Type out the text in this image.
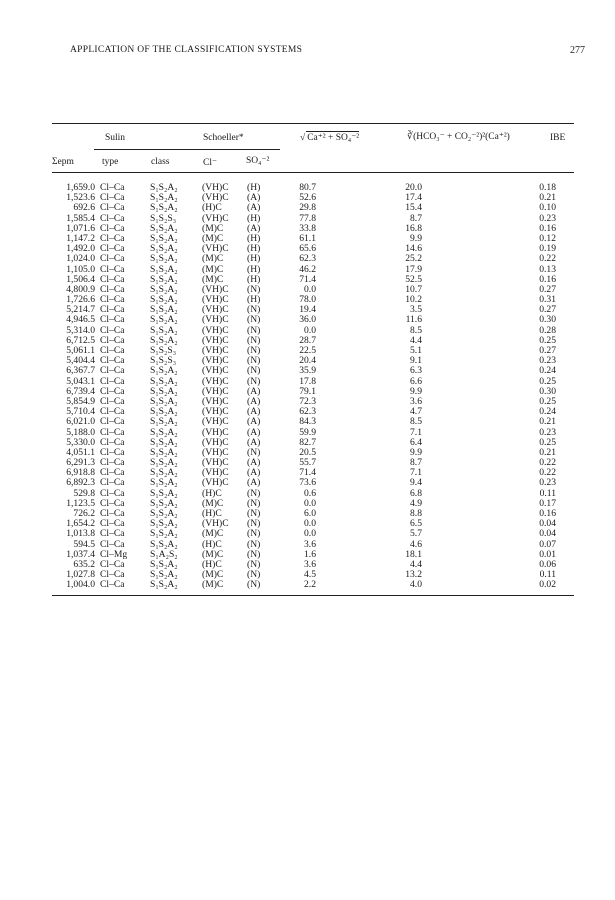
APPLICATION OF THE CLASSIFICATION SYSTEMS	277
Sulin	Schoeller*	√ Ca⁺² + SO₄⁻²	∛(HCO₃⁻ + CO₂⁻²)²(Ca⁺²)	IBE
Σepm	type	class	Cl⁻	SO₄⁻²
1,659.0 Cl–Ca	S₁S₂A₂	(VH)C (H)	80.7	20.0	0.18
1,523.6 Cl–Ca	S₁S₂A₂	(VH)C (A)	52.6	17.4	0.21
692.6 Cl–Ca	S₁S₂A₂	(H)C	(A)	29.8	15.4	0.10
1,585.4 Cl–Ca	S₁S₂S₃	(VH)C (H)	77.8	8.7	0.23
1,071.6 Cl–Ca	S₁S₂A₂	(M)C (A)	33.8	16.8	0.16
1,147.2 Cl–Ca	S₁S₂A₂	(M)C (H)	61.1	9.9	0.12
1,492.0 Cl–Ca	S₁S₂A₂	(VH)C (H)	65.6	14.6	0.19
1,024.0 Cl–Ca	S₁S₂A₂	(M)C (H)	62.3	25.2	0.22
1,105.0 Cl–Ca	S₁S₂A₂	(M)C (H)	46.2	17.9	0.13
1,506.4 Cl–Ca	S₁S₂A₂	(M)C (H)	71.4	52.5	0.16
4,800.9 Cl–Ca	S₁S₂A₂	(VH)C (N)	0.0	10.7	0.27
1,726.6 Cl–Ca	S₁S₂A₂	(VH)C (H)	78.0	10.2	0.31
5,214.7 Cl–Ca	S₁S₂A₂	(VH)C (N)	19.4	3.5	0.27
4,946.5 Cl–Ca	S₁S₂A₂	(VH)C (N)	36.0	11.6	0.30
5,314.0 Cl–Ca	S₁S₂A₂	(VH)C (N)	0.0	8.5	0.28
6,712.5 Cl–Ca	S₁S₂A₂	(VH)C (N)	28.7	4.4	0.25
5,061.1 Cl–Ca	S₁S₂S₃	(VH)C (N)	22.5	5.1	0.27
5,404.4 Cl–Ca	S₁S₂S₃	(VH)C (N)	20.4	9.1	0.23
6,367.7 Cl–Ca	S₁S₂A₂	(VH)C (N)	35.9	6.3	0.24
5,043.1 Cl–Ca	S₁S₂A₂	(VH)C (N)	17.8	6.6	0.25
6,739.4 Cl–Ca	S₁S₂A₂	(VH)C (A)	79.1	9.9	0.30
5,854.9 Cl–Ca	S₁S₂A₂	(VH)C (A)	72.3	3.6	0.25
5,710.4 Cl–Ca	S₁S₂A₂	(VH)C (A)	62.3	4.7	0.24
6,021.0 Cl–Ca	S₁S₂A₂	(VH)C (A)	84.3	8.5	0.21
5,188.0 Cl–Ca	S₁S₂A₂	(VH)C (A)	59.9	7.1	0.23
5,330.0 Cl–Ca	S₁S₂A₂	(VH)C (A)	82.7	6.4	0.25
4,051.1 Cl–Ca	S₁S₂A₂	(VH)C (N)	20.5	9.9	0.21
6,291.3 Cl–Ca	S₁S₂A₂	(VH)C (A)	55.7	8.7	0.22
6,918.8 Cl–Ca	S₁S₂A₂	(VH)C (A)	71.4	7.1	0.22
6,892.3 Cl–Ca	S₁S₂A₂	(VH)C (A)	73.6	9.4	0.23
529.8 Cl–Ca	S₁S₂A₂	(H)C	(N)	0.6	6.8	0.11
1,123.5 Cl–Ca	S₁S₂A₂	(M)C (N)	0.0	4.9	0.17
726.2 Cl–Ca	S₁S₂A₂	(H)C	(N)	6.0	8.8	0.16
1,654.2 Cl–Ca	S₁S₂A₂	(VH)C (N)	0.0	6.5	0.04
1,013.8 Cl–Ca	S₁S₂A₂	(M)C (N)	0.0	5.7	0.04
594.5 Cl–Ca	S₁S₂A₂	(H)C	(N)	3.6	4.6	0.07
1,037.4 Cl–Mg S₁A₂S₂	(M)C (N)	1.6	18.1	0.01
635.2 Cl–Ca	S₁S₂A₂	(H)C	(N)	3.6	4.4	0.06
1,027.8 Cl–Ca	S₁S₂A₂	(M)C (N)	4.5	13.2	0.11
1,004.0 Cl–Ca	S₁S₂A₂	(M)C (N)	2.2	4.0	0.02
